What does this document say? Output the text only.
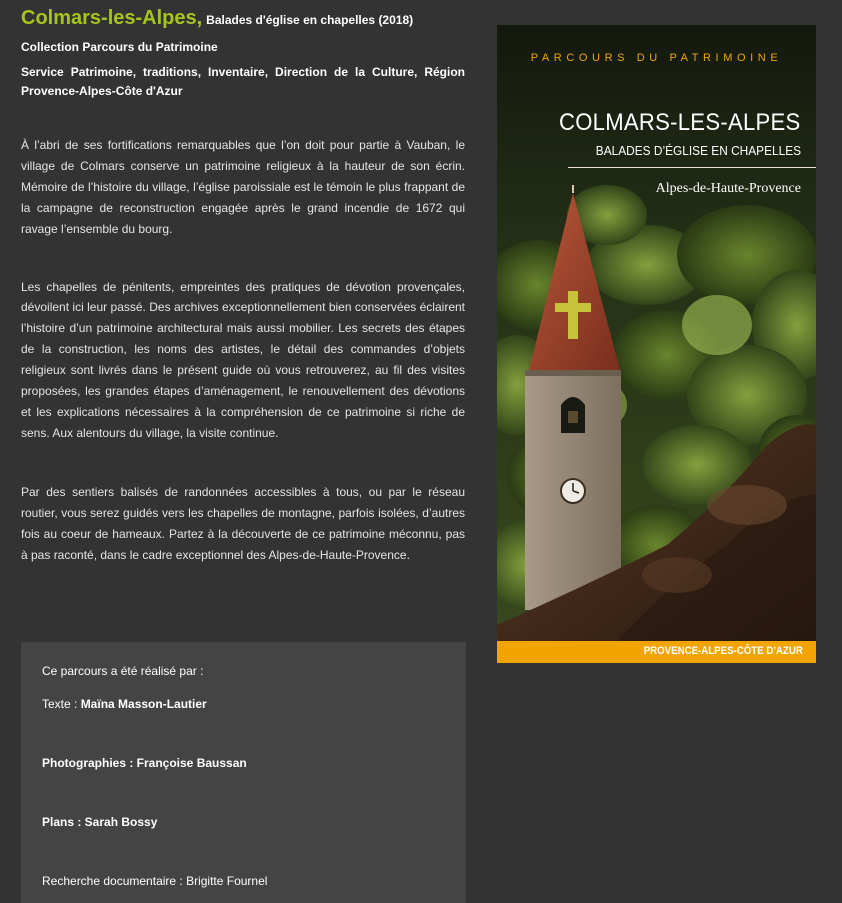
Colmars-les-Alpes, Balades d'église en chapelles (2018)

Collection Parcours du Patrimoine
Service Patrimoine, traditions, Inventaire, Direction de la Culture, Région Provence-Alpes-Côte d'Azur

À l’abri de ses fortifications remarquables que l’on doit pour partie à Vauban, le village de Colmars conserve un patrimoine religieux à la hauteur de son écrin. Mémoire de l’histoire du village, l’église paroissiale est le témoin le plus frappant de la campagne de reconstruction engagée après le grand incendie de 1672 qui ravage l’ensemble du bourg.

Les chapelles de pénitents, empreintes des pratiques de dévotion provençales, dévoilent ici leur passé. Des archives exceptionnellement bien conservées éclairent l’histoire d’un patrimoine architectural mais aussi mobilier. Les secrets des étapes de la construction, les noms des artistes, le détail des commandes d’objets religieux sont livrés dans le présent guide où vous retrouverez, au fil des visites proposées, les grandes étapes d’aménagement, le renouvellement des dévotions et les explications nécessaires à la compréhension de ce patrimoine si riche de sens. Aux alentours du village, la visite continue.

Par des sentiers balisés de randonnées accessibles à tous, ou par le réseau routier, vous serez guidés vers les chapelles de montagne, parfois isolées, d’autres fois au coeur de hameaux. Partez à la découverte de ce patrimoine méconnu, pas à pas raconté, dans le cadre exceptionnel des Alpes-de-Haute-Provence.

Ce parcours a été réalisé par :
Texte : Maïna Masson-Lautier
Photographies : Françoise Baussan
Plans : Sarah Bossy
Recherche documentaire : Brigitte Fournel
PARCOURS DU PATRIMOINE
COLMARS-LES-ALPES
BALADES D’ÉGLISE EN CHAPELLES
Alpes-de-Haute-Provence
PROVENCE-ALPES-CÔTE D’AZUR
